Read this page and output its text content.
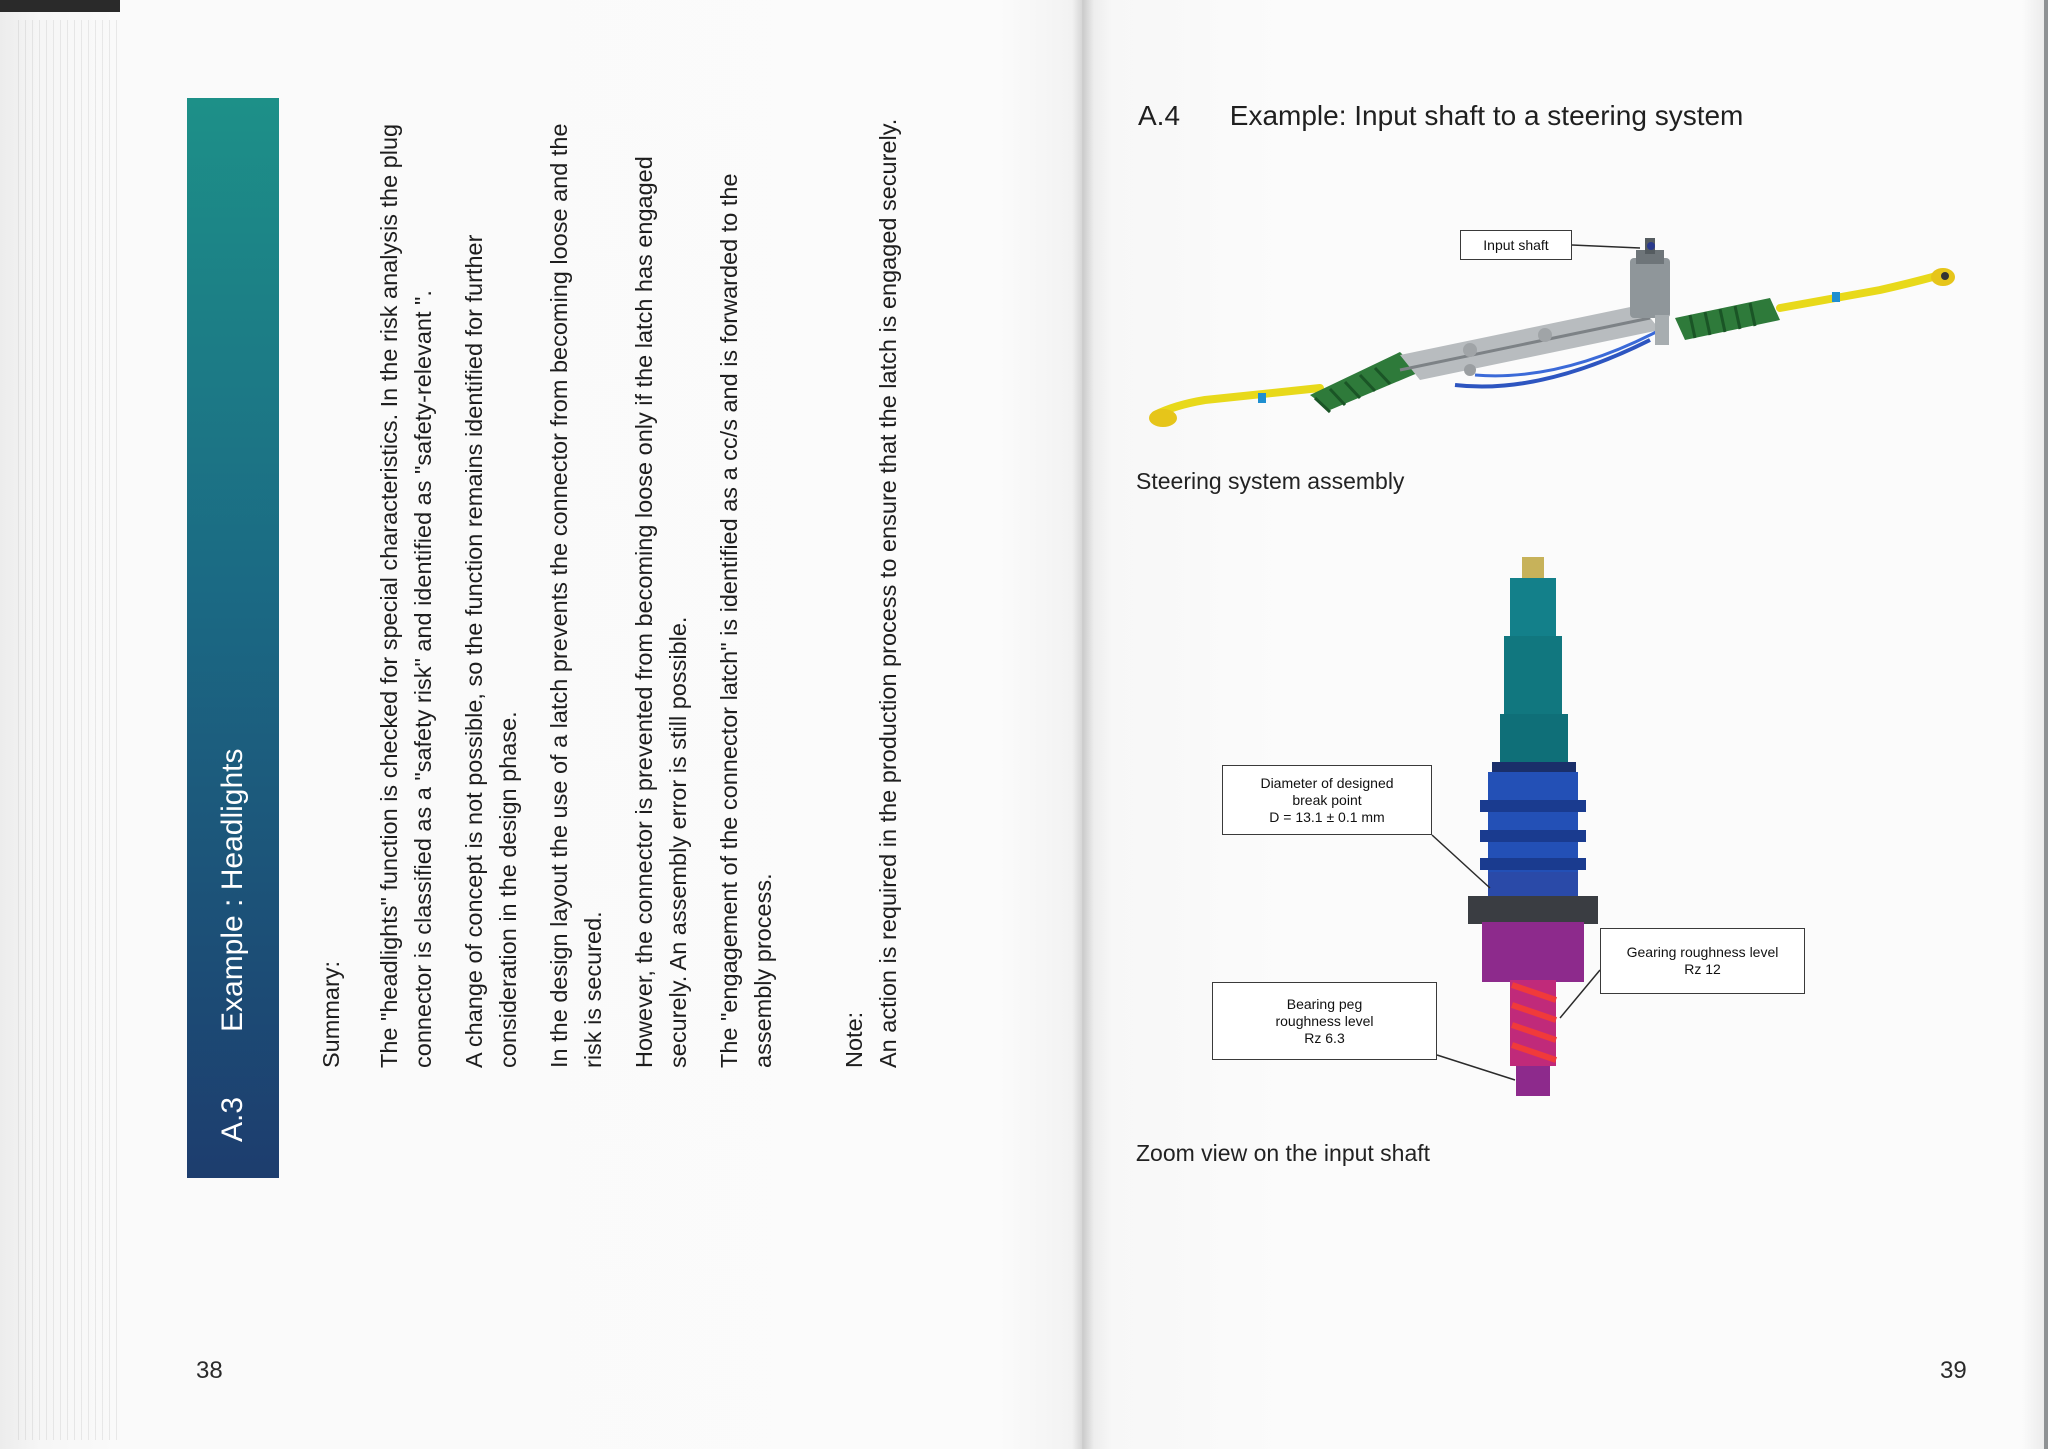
A.3
Example : Headlights	Summary: The "headlights" function is checked for special characteristics. In the risk analysis the plug connector is classified as a "safety risk" and identified as "safety-relevant ". A change of concept is not possible, so the function remains identified for further consideration in the design phase. In the design layout the use of a latch prevents the connector from becoming loose and the risk is secured. However, the connector is prevented from becoming loose only if the latch has engaged securely. An assembly error is still possible. The "engagement of the connector latch" is identified as a cc/s and is forwarded to the assembly process.	Note: An action is required in the production process to ensure that the latch is engaged securely.

38
A.4 Example: Input shaft to a steering system
Input shaft
Steering system assembly
Diameter of designed
break point
D = 13.1 ± 0.1 mm
Gearing roughness level
Rz 12
Bearing peg
roughness level
Rz 6.3
Zoom view on the input shaft
39
